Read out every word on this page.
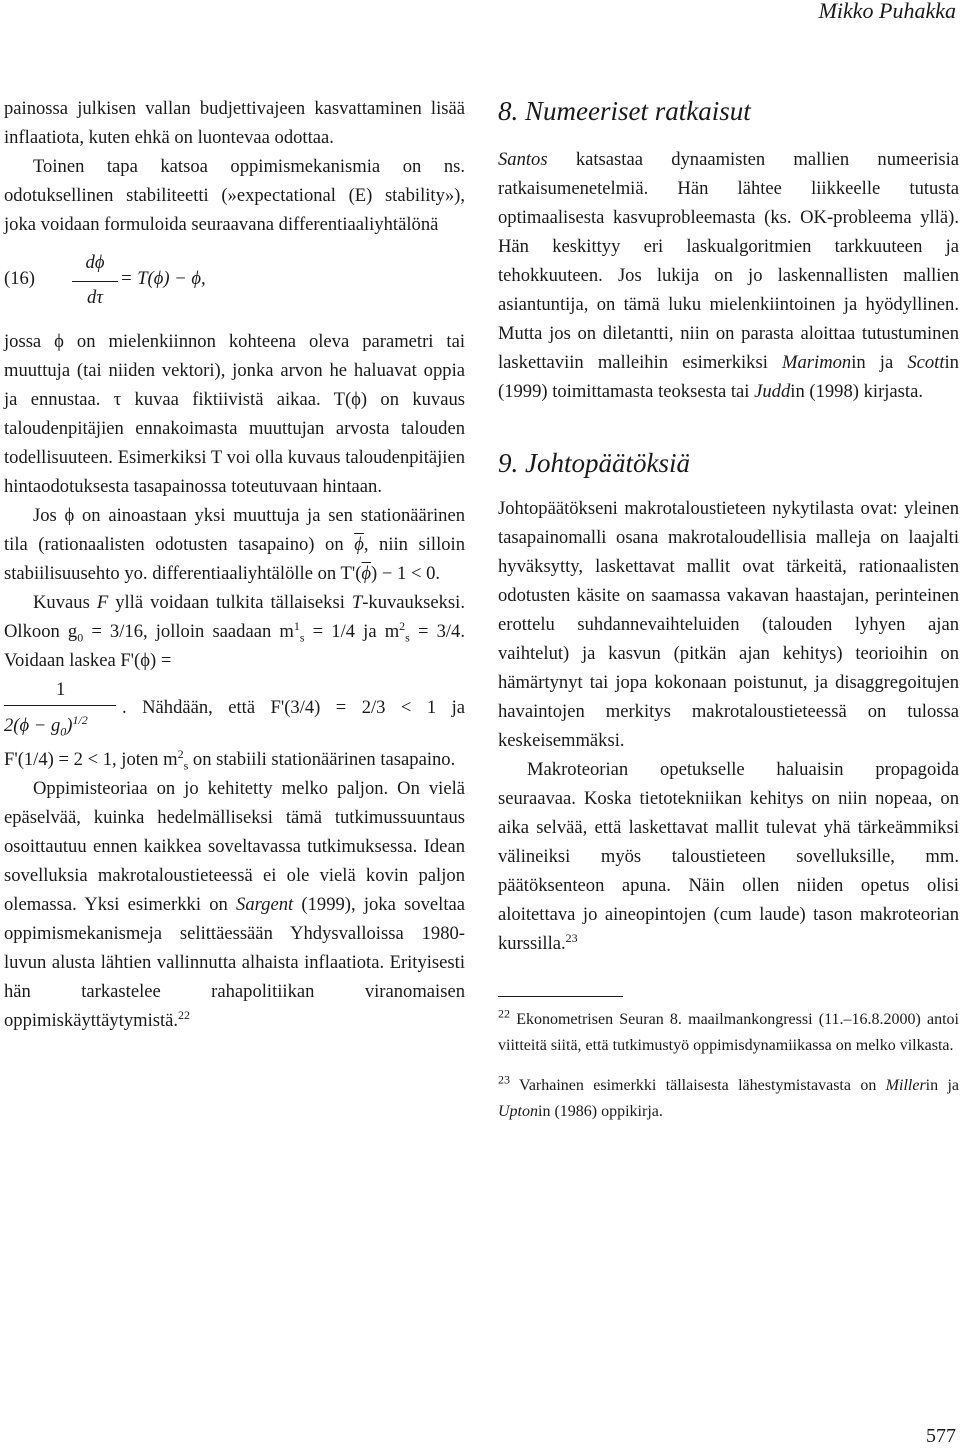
Mikko Puhakka

painossa julkisen vallan budjettivajeen kasvattaminen lisää inflaatiota, kuten ehkä on luontevaa odottaa.

Toinen tapa katsoa oppimismekanismia on ns. odotuksellinen stabiliteetti (»expectational (E) stability»), joka voidaan formuloida seuraavana differentiaaliyhtälönä

$(16) \frac{d\phi}{d\tau} = T(\phi) - \phi$,

jossa ϕ on mielenkiinnon kohteena oleva parametri tai muuttuja (tai niiden vektori), jonka arvon he haluavat oppia ja ennustaa. τ kuvaa fiktiivistä aikaa. T(ϕ) on kuvaus taloudenpitäjien ennakoimasta muuttujan arvosta talouden todellisuuteen. Esimerkiksi T voi olla kuvaus taloudenpitäjien hintaodotuksesta tasapainossa toteutuvaan hintaan.

Jos ϕ on ainoastaan yksi muuttuja ja sen stationäärinen tila (rationaalisten odotusten tasapaino) on $\overline{\phi}$, niin silloin stabiilisuusehto yo. differentiaaliyhtälölle on $T'(\overline{\phi}) - 1 < 0$.

Kuvaus F yllä voidaan tulkita tällaiseksi T-kuvaukseksi. Olkoon $g_0 = 3/16$, jolloin saadaan $m^1_s = 1/4$ ja $m^2_s = 3/4$. Voidaan laskea F'(ϕ) =

1
$2(\phi - g_0)^{1/2}$
. Nähdään, että F'(3/4) = 2/3 < 1 ja

F'(1/4) = 2 < 1, joten $m^2_s$ on stabiili stationäärinen tasapaino.

Oppimisteoriaa on jo kehitetty melko paljon. On vielä epäselvää, kuinka hedelmälliseksi tämä tutkimussuuntaus osoittautuu ennen kaikkea soveltavassa tutkimuksessa. Idean sovelluksia makrotaloustieteessä ei ole vielä kovin paljon olemassa. Yksi esimerkki on Sargent (1999), joka soveltaa oppimismekanismeja selittäessään Yhdysvalloissa 1980-luvun alusta lähtien vallinnutta alhaista inflaatiota. Erityisesti hän tarkastelee rahapolitiikan viranomaisen oppimiskäyttäytymistä.$^{22}$

8. Numeeriset ratkaisut

Santos katsastaa dynaamisten mallien numeerisia ratkaisumenetelmiä. Hän lähtee liikkeelle tutusta optimaalisesta kasvuprobleemasta (ks. OK-probleema yllä). Hän keskittyy eri laskualgoritmien tarkkuuteen ja tehokkuuteen. Jos lukija on jo laskennallisten mallien asiantuntija, on tämä luku mielenkiintoinen ja hyödyllinen. Mutta jos on diletantti, niin on parasta aloittaa tutustuminen laskettaviin malleihin esimerkiksi Marimonin ja Scottin (1999) toimittamasta teoksesta tai Juddin (1998) kirjasta.

9. Johtopäätöksiä

Johtopäätökseni makrotaloustieteen nykytilasta ovat: yleinen tasapainomalli osana makrotaloudellisia malleja on laajalti hyväksytty, laskettavat mallit ovat tärkeitä, rationaalisten odotusten käsite on saamassa vakavan haastajan, perinteinen erottelu suhdannevaihteluiden (talouden lyhyen ajan vaihtelut) ja kasvun (pitkän ajan kehitys) teorioihin on hämärtynyt tai jopa kokonaan poistunut, ja disaggregoitujen havaintojen merkitys makrotaloustieteessä on tulossa keskeisemmäksi.

Makroteorian opetukselle haluaisin propagoida seuraavaa. Koska tietotekniikan kehitys on niin nopeaa, on aika selvää, että laskettavat mallit tulevat yhä tärkeämmiksi välineiksi myös taloustieteen sovelluksille, mm. päätöksenteon apuna. Näin ollen niiden opetus olisi aloitettava jo aineopintojen (cum laude) tason makroteorian kurssilla.$^{23}$

$^{22}$ Ekonometrisen Seuran 8. maailmankongressi (11.–16.8.2000) antoi viitteitä siitä, että tutkimustyö oppimisdynamiikassa on melko vilkasta.

$^{23}$ Varhainen esimerkki tällaisesta lähestymistavasta on Millerin ja Uptonin (1986) oppikirja.

577
